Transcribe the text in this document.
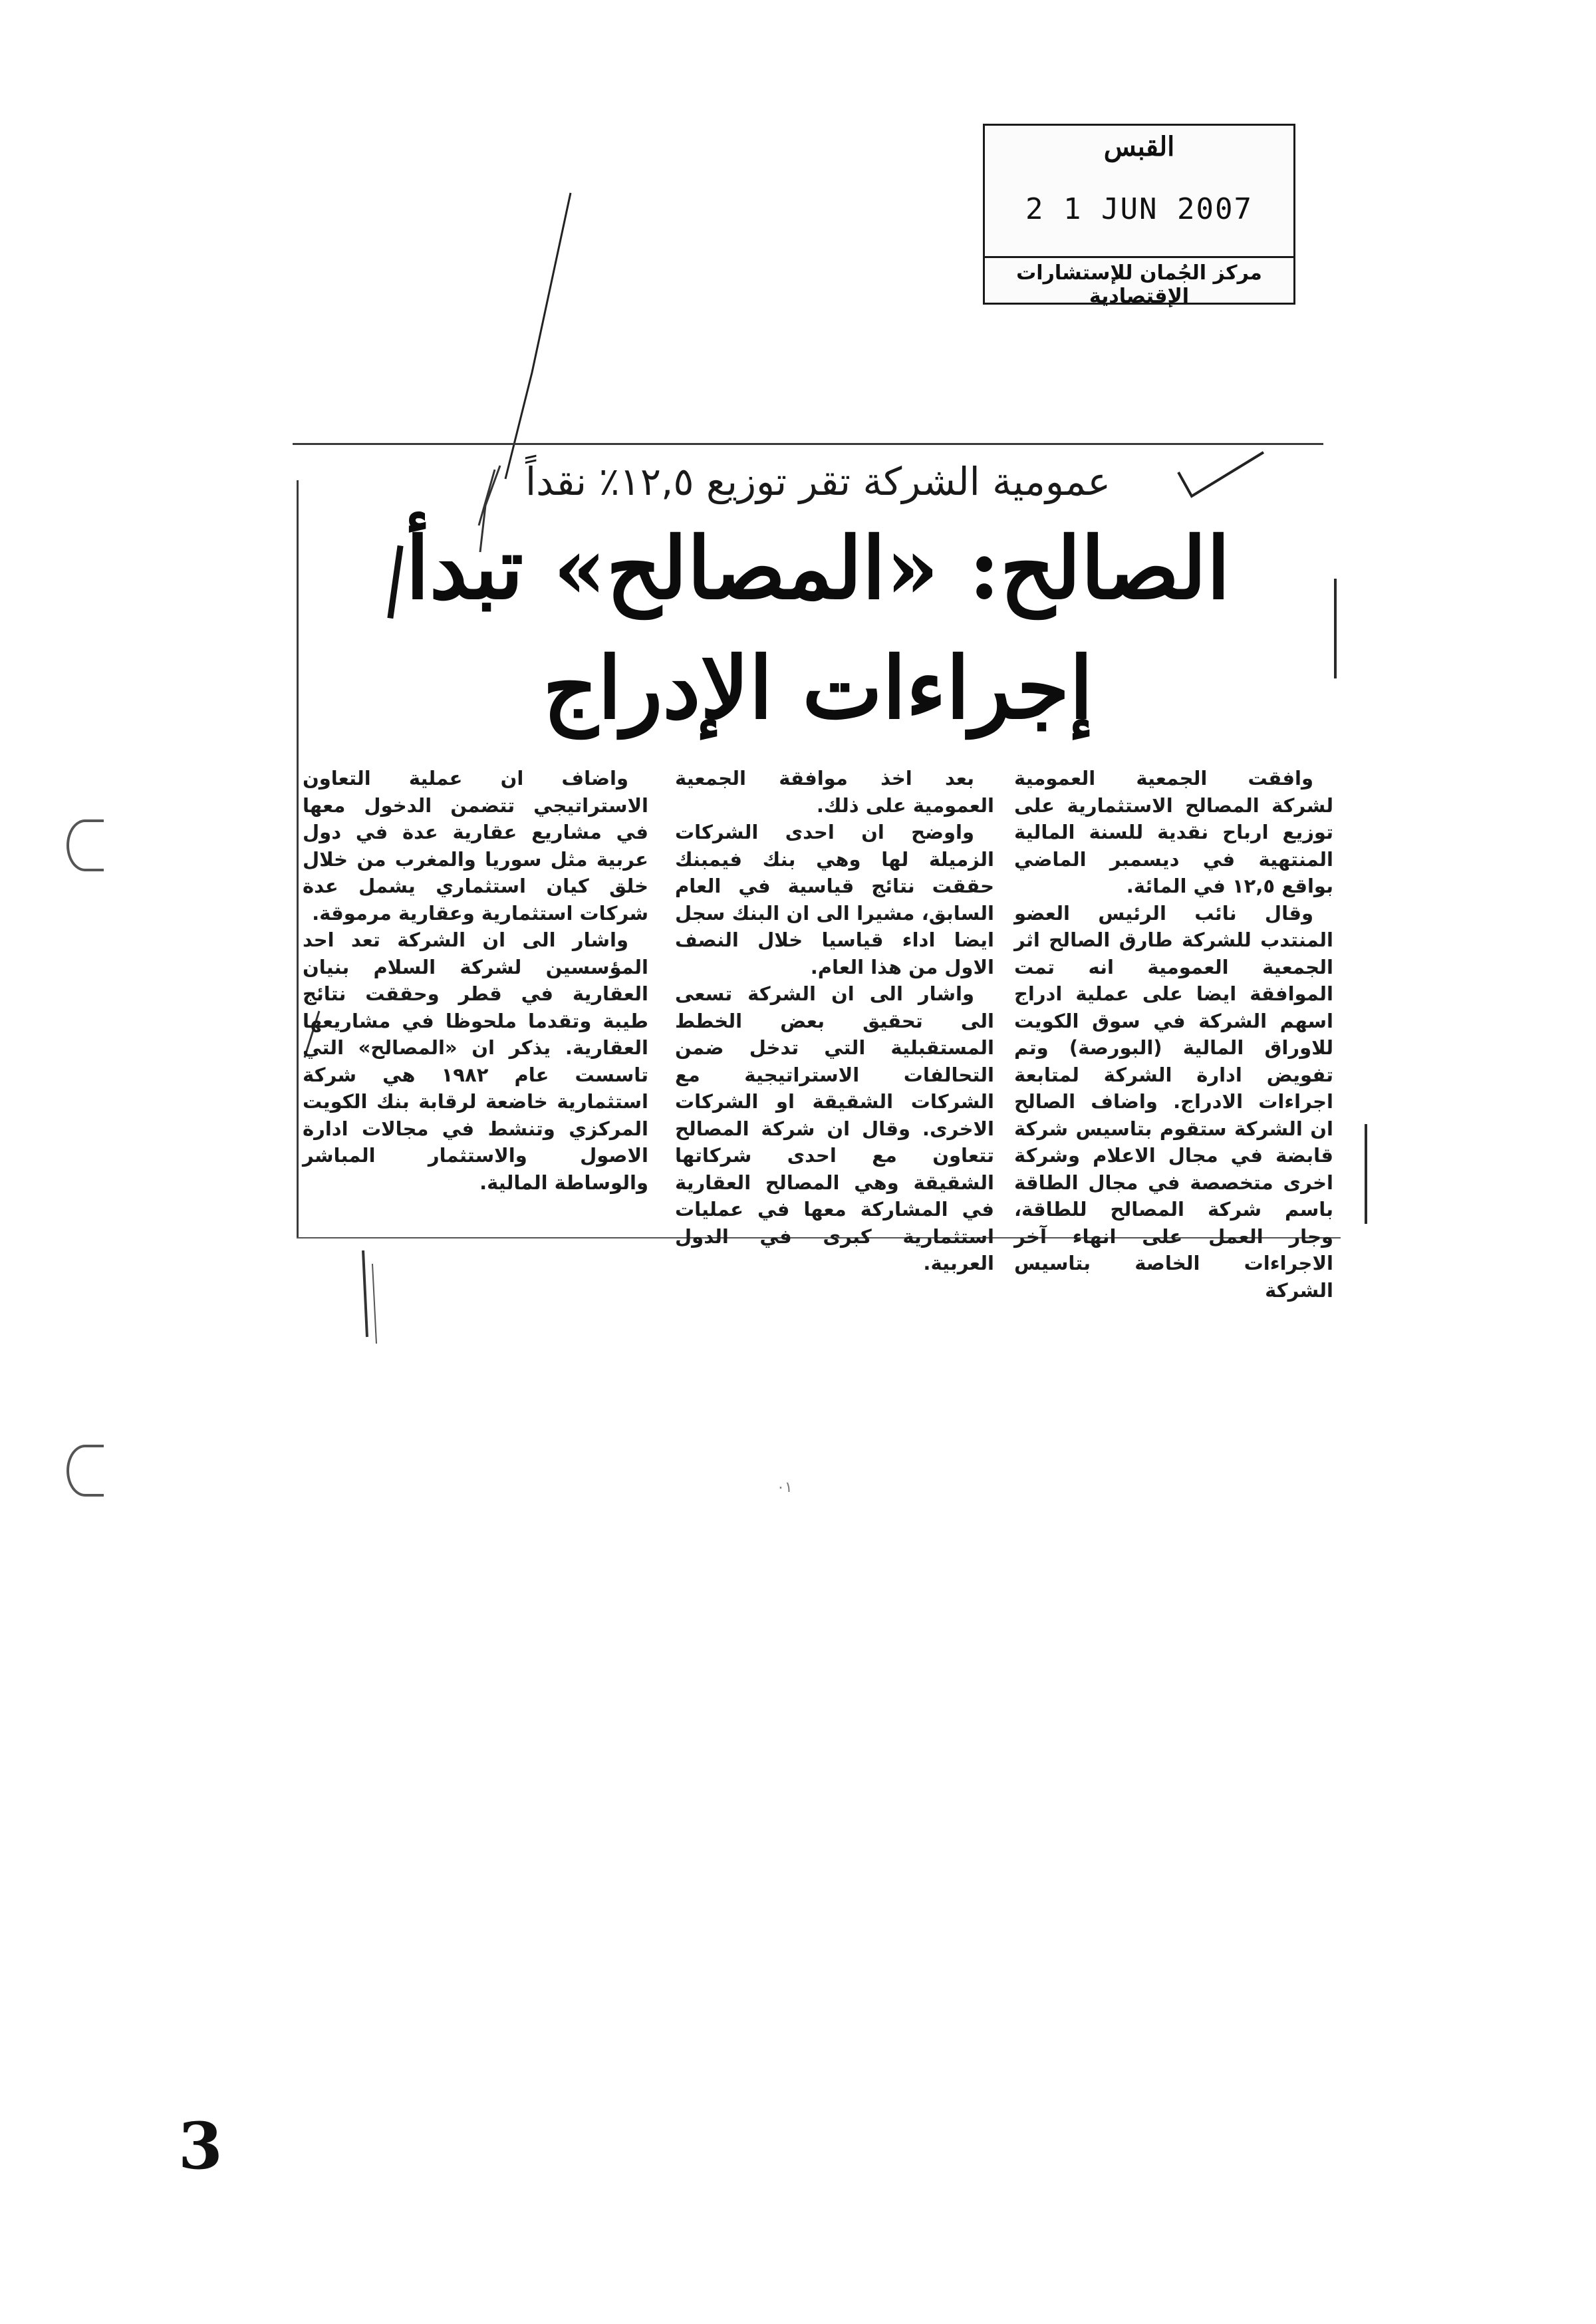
القبس
2 1 JUN 2007
مركز الجُمان للإستشارات الإقتصادية
عمومية الشركة تقر توزيع ١٢,٥٪ نقداً
الصالح: «المصالح» تبدأ
إجراءات الإدراج

وافقت الجمعية العمومية لشركة المصالح الاستثمارية على توزيع ارباح نقدية للسنة المالية المنتهية في ديسمبر الماضي بواقع ١٢,٥ في المائة.

وقال نائب الرئيس العضو المنتدب للشركة طارق الصالح اثر الجمعية العمومية انه تمت الموافقة ايضا على عملية ادراج اسهم الشركة في سوق الكويت للاوراق المالية (البورصة) وتم تفويض ادارة الشركة لمتابعة اجراءات الادراج. واضاف الصالح ان الشركة ستقوم بتاسيس شركة قابضة في مجال الاعلام وشركة اخرى متخصصة في مجال الطاقة باسم شركة المصالح للطاقة، وجار العمل على انهاء آخر الاجراءات الخاصة بتاسيس الشركة

بعد اخذ موافقة الجمعية العمومية على ذلك.

واوضح ان احدى الشركات الزميلة لها وهي بنك فيمبنك حققت نتائج قياسية في العام السابق، مشيرا الى ان البنك سجل ايضا اداء قياسيا خلال النصف الاول من هذا العام.

واشار الى ان الشركة تسعى الى تحقيق بعض الخطط المستقبلية التي تدخل ضمن التحالفات الاستراتيجية مع الشركات الشقيقة او الشركات الاخرى. وقال ان شركة المصالح تتعاون مع احدى شركاتها الشقيقة وهي المصالح العقارية في المشاركة معها في عمليات استثمارية كبرى في الدول العربية.

واضاف ان عملية التعاون الاستراتيجي تتضمن الدخول معها في مشاريع عقارية عدة في دول عربية مثل سوريا والمغرب من خلال خلق كيان استثماري يشمل عدة شركات استثمارية وعقارية مرموقة.

واشار الى ان الشركة تعد احد المؤسسين لشركة السلام بنيان العقارية في قطر وحققت نتائج طيبة وتقدما ملحوظا في مشاريعها العقارية. يذكر ان «المصالح» التي تاسست عام ١٩٨٢ هي شركة استثمارية خاضعة لرقابة بنك الكويت المركزي وتنشط في مجالات ادارة الاصول والاستثمار المباشر والوساطة المالية.

٠١
3
